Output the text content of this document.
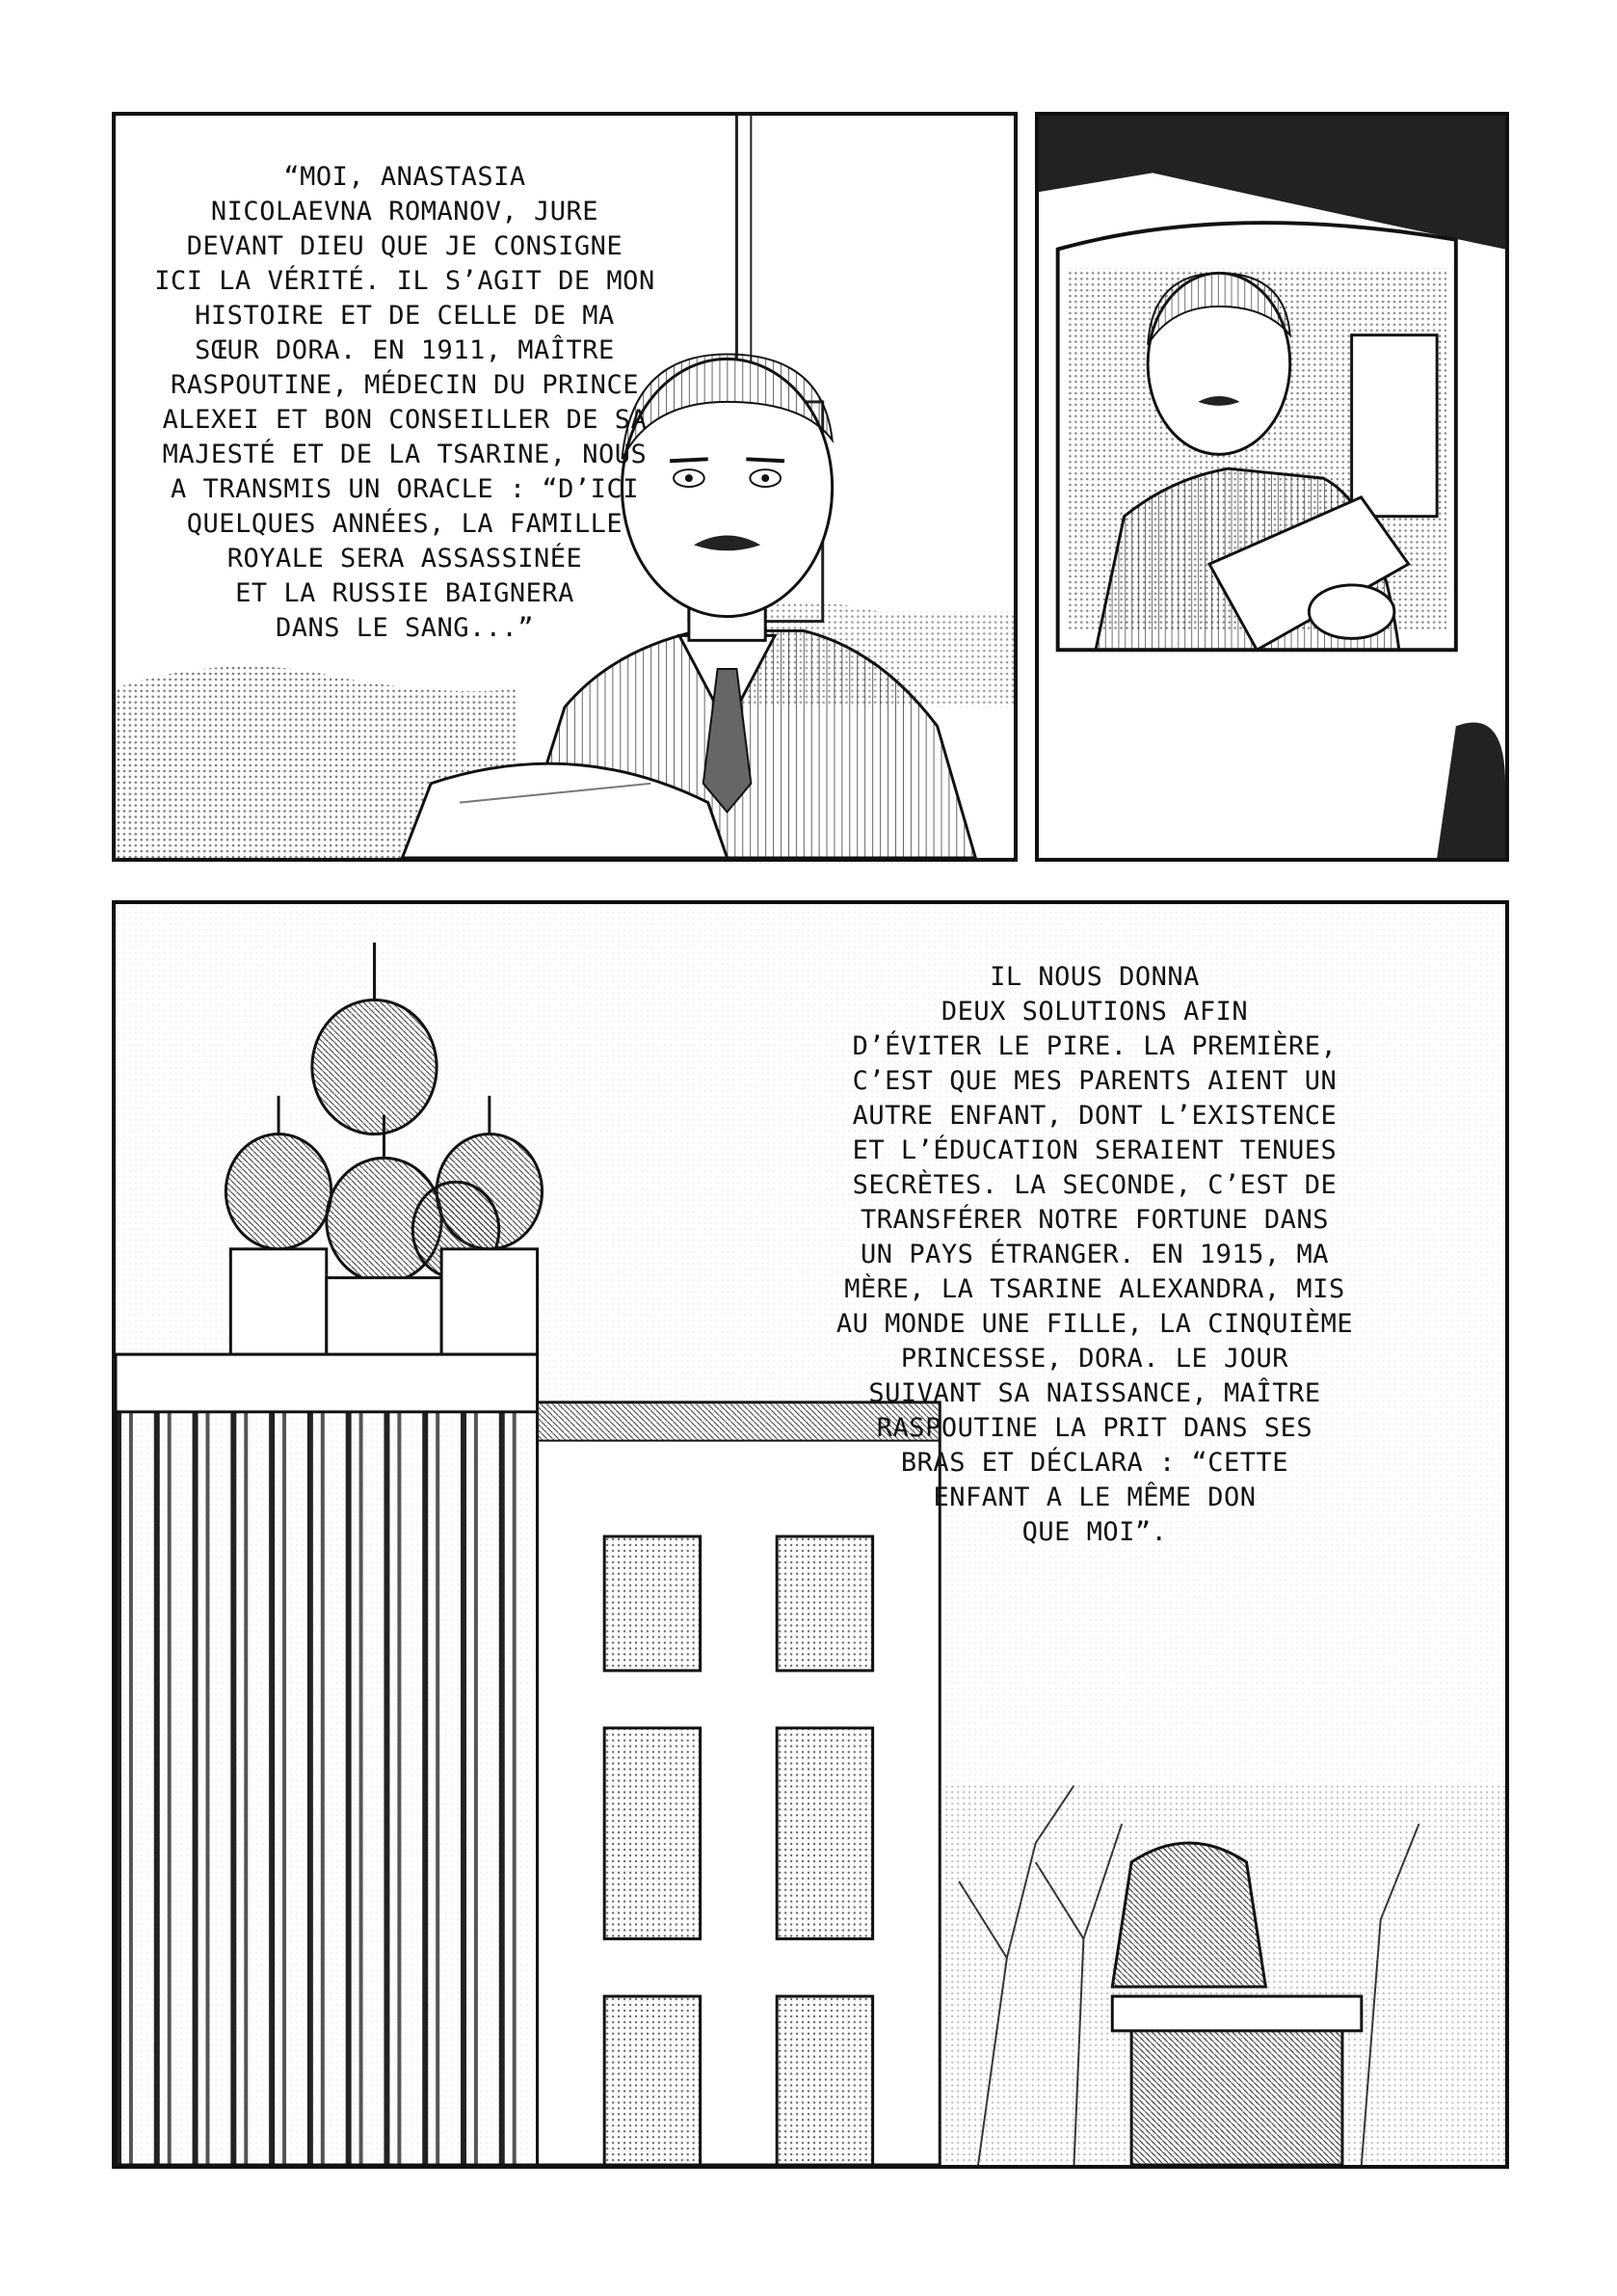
“MOI, ANASTASIA
NICOLAEVNA ROMANOV, JURE
DEVANT DIEU QUE JE CONSIGNE
ICI LA VÉRITÉ. IL S’AGIT DE MON
HISTOIRE ET DE CELLE DE MA
SŒUR DORA. EN 1911, MAÎTRE
RASPOUTINE, MÉDECIN DU PRINCE
ALEXEI ET BON CONSEILLER DE SA
MAJESTÉ ET DE LA TSARINE, NOUS
A TRANSMIS UN ORACLE : “D’ICI
QUELQUES ANNÉES, LA FAMILLE
ROYALE SERA ASSASSINÉE
ET LA RUSSIE BAIGNERA
DANS LE SANG...”
IL NOUS DONNA
DEUX SOLUTIONS AFIN
D’ÉVITER LE PIRE. LA PREMIÈRE,
C’EST QUE MES PARENTS AIENT UN
AUTRE ENFANT, DONT L’EXISTENCE
ET L’ÉDUCATION SERAIENT TENUES
SECRÈTES. LA SECONDE, C’EST DE
TRANSFÉRER NOTRE FORTUNE DANS
UN PAYS ÉTRANGER. EN 1915, MA
MÈRE, LA TSARINE ALEXANDRA, MIS
AU MONDE UNE FILLE, LA CINQUIÈME
PRINCESSE, DORA. LE JOUR
SUIVANT SA NAISSANCE, MAÎTRE
RASPOUTINE LA PRIT DANS SES
BRAS ET DÉCLARA : “CETTE
ENFANT A LE MÊME DON
QUE MOI”.
